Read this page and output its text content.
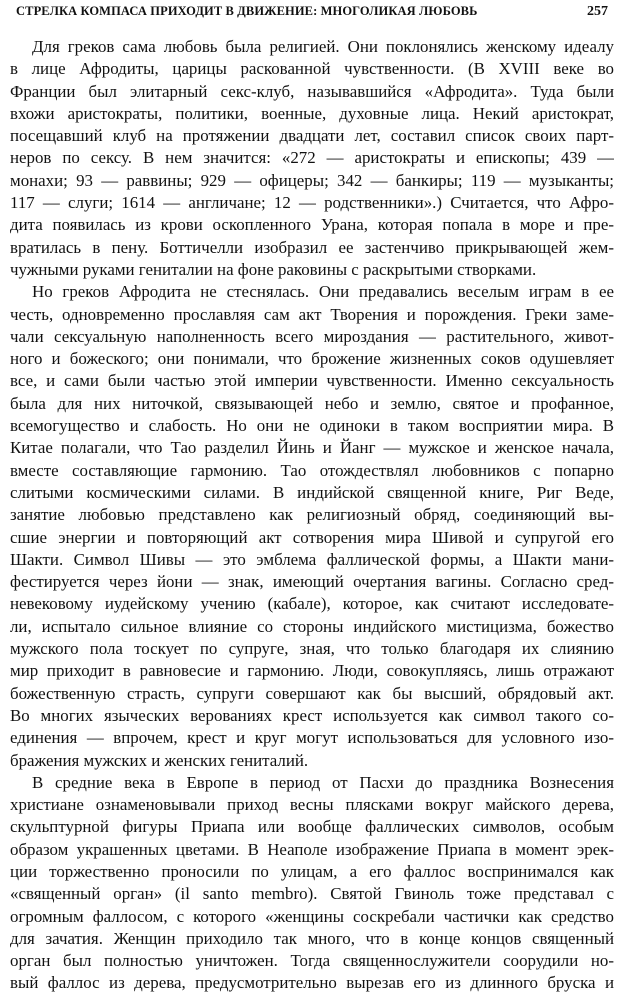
СТРЕЛКА КОМПАСА ПРИХОДИТ В ДВИЖЕНИЕ: МНОГОЛИКАЯ ЛЮБОВЬ	257
Для греков сама любовь была религией. Они поклонялись женскому идеалу
в лице Афродиты, царицы раскованной чувственности. (В XVIII веке во
Франции был элитарный секс-клуб, называвшийся «Афродита». Туда были
вхожи аристократы, политики, военные, духовные лица. Некий аристократ,
посещавший клуб на протяжении двадцати лет, составил список своих парт-
неров по сексу. В нем значится: «272 — аристократы и епископы; 439 —
монахи; 93 — раввины; 929 — офицеры; 342 — банкиры; 119 — музыканты;
117 — слуги; 1614 — англичане; 12 — родственники».) Считается, что Афро-
дита появилась из крови оскопленного Урана, которая попала в море и пре-
вратилась в пену. Боттичелли изобразил ее застенчиво прикрывающей жем-
чужными руками гениталии на фоне раковины с раскрытыми створками.
Но греков Афродита не стеснялась. Они предавались веселым играм в ее
честь, одновременно прославляя сам акт Творения и порождения. Греки заме-
чали сексуальную наполненность всего мироздания — растительного, живот-
ного и божеского; они понимали, что брожение жизненных соков одушевляет
все, и сами были частью этой империи чувственности. Именно сексуальность
была для них ниточкой, связывающей небо и землю, святое и профанное,
всемогущество и слабость. Но они не одиноки в таком восприятии мира. В
Китае полагали, что Тао разделил Йинь и Йанг — мужское и женское начала,
вместе составляющие гармонию. Тао отождествлял любовников с попарно
слитыми космическими силами. В индийской священной книге, Риг Веде,
занятие любовью представлено как религиозный обряд, соединяющий вы-
сшие энергии и повторяющий акт сотворения мира Шивой и супругой его
Шакти. Символ Шивы — это эмблема фаллической формы, а Шакти мани-
фестируется через йони — знак, имеющий очертания вагины. Согласно сред-
невековому иудейскому учению (кабале), которое, как считают исследовате-
ли, испытало сильное влияние со стороны индийского мистицизма, божество
мужского пола тоскует по супруге, зная, что только благодаря их слиянию
мир приходит в равновесие и гармонию. Люди, совокупляясь, лишь отражают
божественную страсть, супруги совершают как бы высший, обрядовый акт.
Во многих языческих верованиях крест используется как символ такого со-
единения — впрочем, крест и круг могут использоваться для условного изо-
бражения мужских и женских гениталий.
В средние века в Европе в период от Пасхи до праздника Вознесения
христиане ознаменовывали приход весны плясками вокруг майского дерева,
скульптурной фигуры Приапа или вообще фаллических символов, особым
образом украшенных цветами. В Неаполе изображение Приапа в момент эрек-
ции торжественно проносили по улицам, а его фаллос воспринимался как
«священный орган» (il santo membro). Святой Гвиноль тоже представал с
огромным фаллосом, с которого «женщины соскребали частички как средство
для зачатия. Женщин приходило так много, что в конце концов священный
орган был полностью уничтожен. Тогда священнослужители соорудили но-
вый фаллос из дерева, предусмотрительно вырезав его из длинного бруска и
